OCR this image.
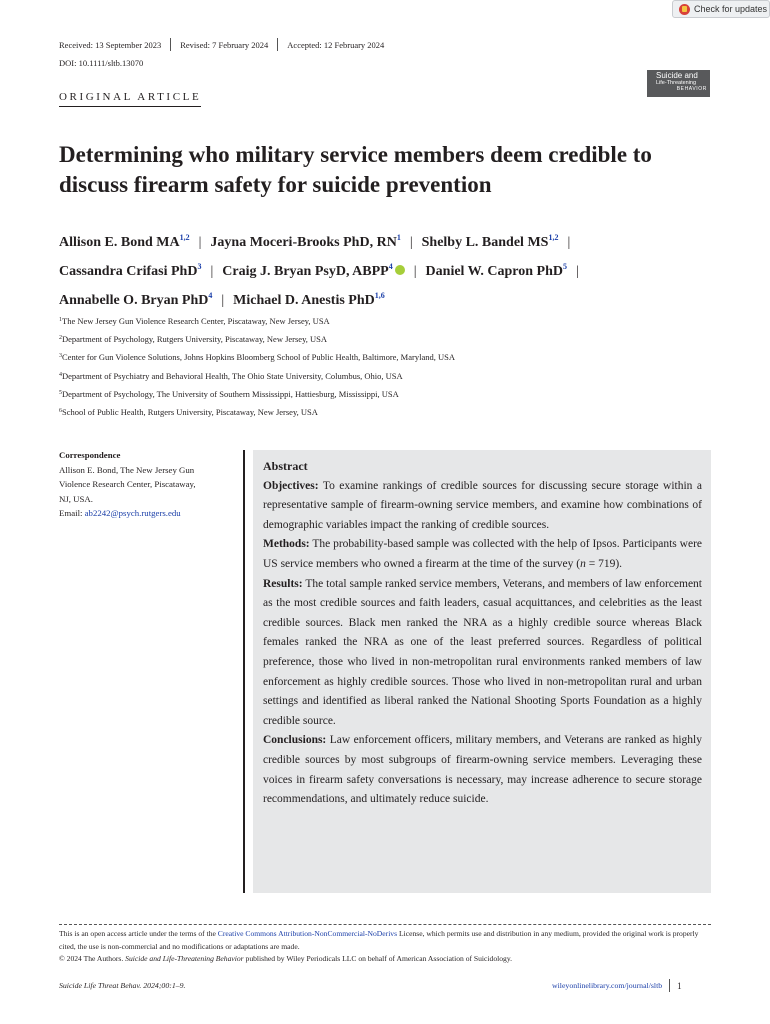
Check for updates
Received: 13 September 2023 Revised: 7 February 2024 Accepted: 12 February 2024
DOI: 10.1111/sltb.13070
ORIGINAL ARTICLE
Suicide and
Life-Threatening
BEHAVIOR
Determining who military service members deem credible to discuss firearm safety for suicide prevention
Allison E. Bond MA$^{1,2}$ | Jayna Moceri-Brooks PhD, $RN^1$ | Shelby L. Bandel MS$^{1,2}$ |
Cassandra Crifasi PhD$^3$ | Craig J. Bryan PsyD, ABPP$^4$ | Daniel W. Capron PhD$^5$ |
Annabelle O. Bryan PhD$^4$ | Michael D. Anestis PhD$^{1,6}$
$^1$The New Jersey Gun Violence Research Center, Piscataway, New Jersey, USA
$^2$Department of Psychology, Rutgers University, Piscataway, New Jersey, USA
$^3$Center for Gun Violence Solutions, Johns Hopkins Bloomberg School of Public Health, Baltimore, Maryland, USA
$^4$Department of Psychiatry and Behavioral Health, The Ohio State University, Columbus, Ohio, USA
$^5$Department of Psychology, The University of Southern Mississippi, Hattiesburg, Mississippi, USA
$^6$School of Public Health, Rutgers University, Piscataway, New Jersey, USA
Correspondence
Allison E. Bond, The New Jersey Gun
Violence Research Center, Piscataway,
NJ, USA.
Email: ab2242@psych.rutgers.edu

Abstract

Objectives: To examine rankings of credible sources for discussing secure storage within a representative sample of firearm-owning service members, and examine how combinations of demographic variables impact the ranking of credible sources.

Methods: The probability-based sample was collected with the help of Ipsos. Participants were US service members who owned a firearm at the time of the survey (n = 719).

Results: The total sample ranked service members, Veterans, and members of law enforcement as the most credible sources and faith leaders, casual acquittances, and celebrities as the least credible sources. Black men ranked the NRA as a highly credible source whereas Black females ranked the NRA as one of the least preferred sources. Regardless of political preference, those who lived in non-metropolitan rural environments ranked members of law enforcement as highly credible sources. Those who lived in non-metropolitan rural and urban settings and identified as liberal ranked the National Shooting Sports Foundation as a highly credible source.

Conclusions: Law enforcement officers, military members, and Veterans are ranked as highly credible sources by most subgroups of firearm-owning service members. Leveraging these voices in firearm safety conversations is necessary, may increase adherence to secure storage recommendations, and ultimately reduce suicide.

This is an open access article under the terms of the Creative Commons Attribution-NonCommercial-NoDerivs License, which permits use and distribution in any medium, provided the original work is properly cited, the use is non-commercial and no modifications or adaptations are made.
© 2024 The Authors. Suicide and Life-Threatening Behavior published by Wiley Periodicals LLC on behalf of American Association of Suicidology.
Suicide Life Threat Behav. 2024;00:1–9.	wileyonlinelibrary.com/journal/sltb 1
